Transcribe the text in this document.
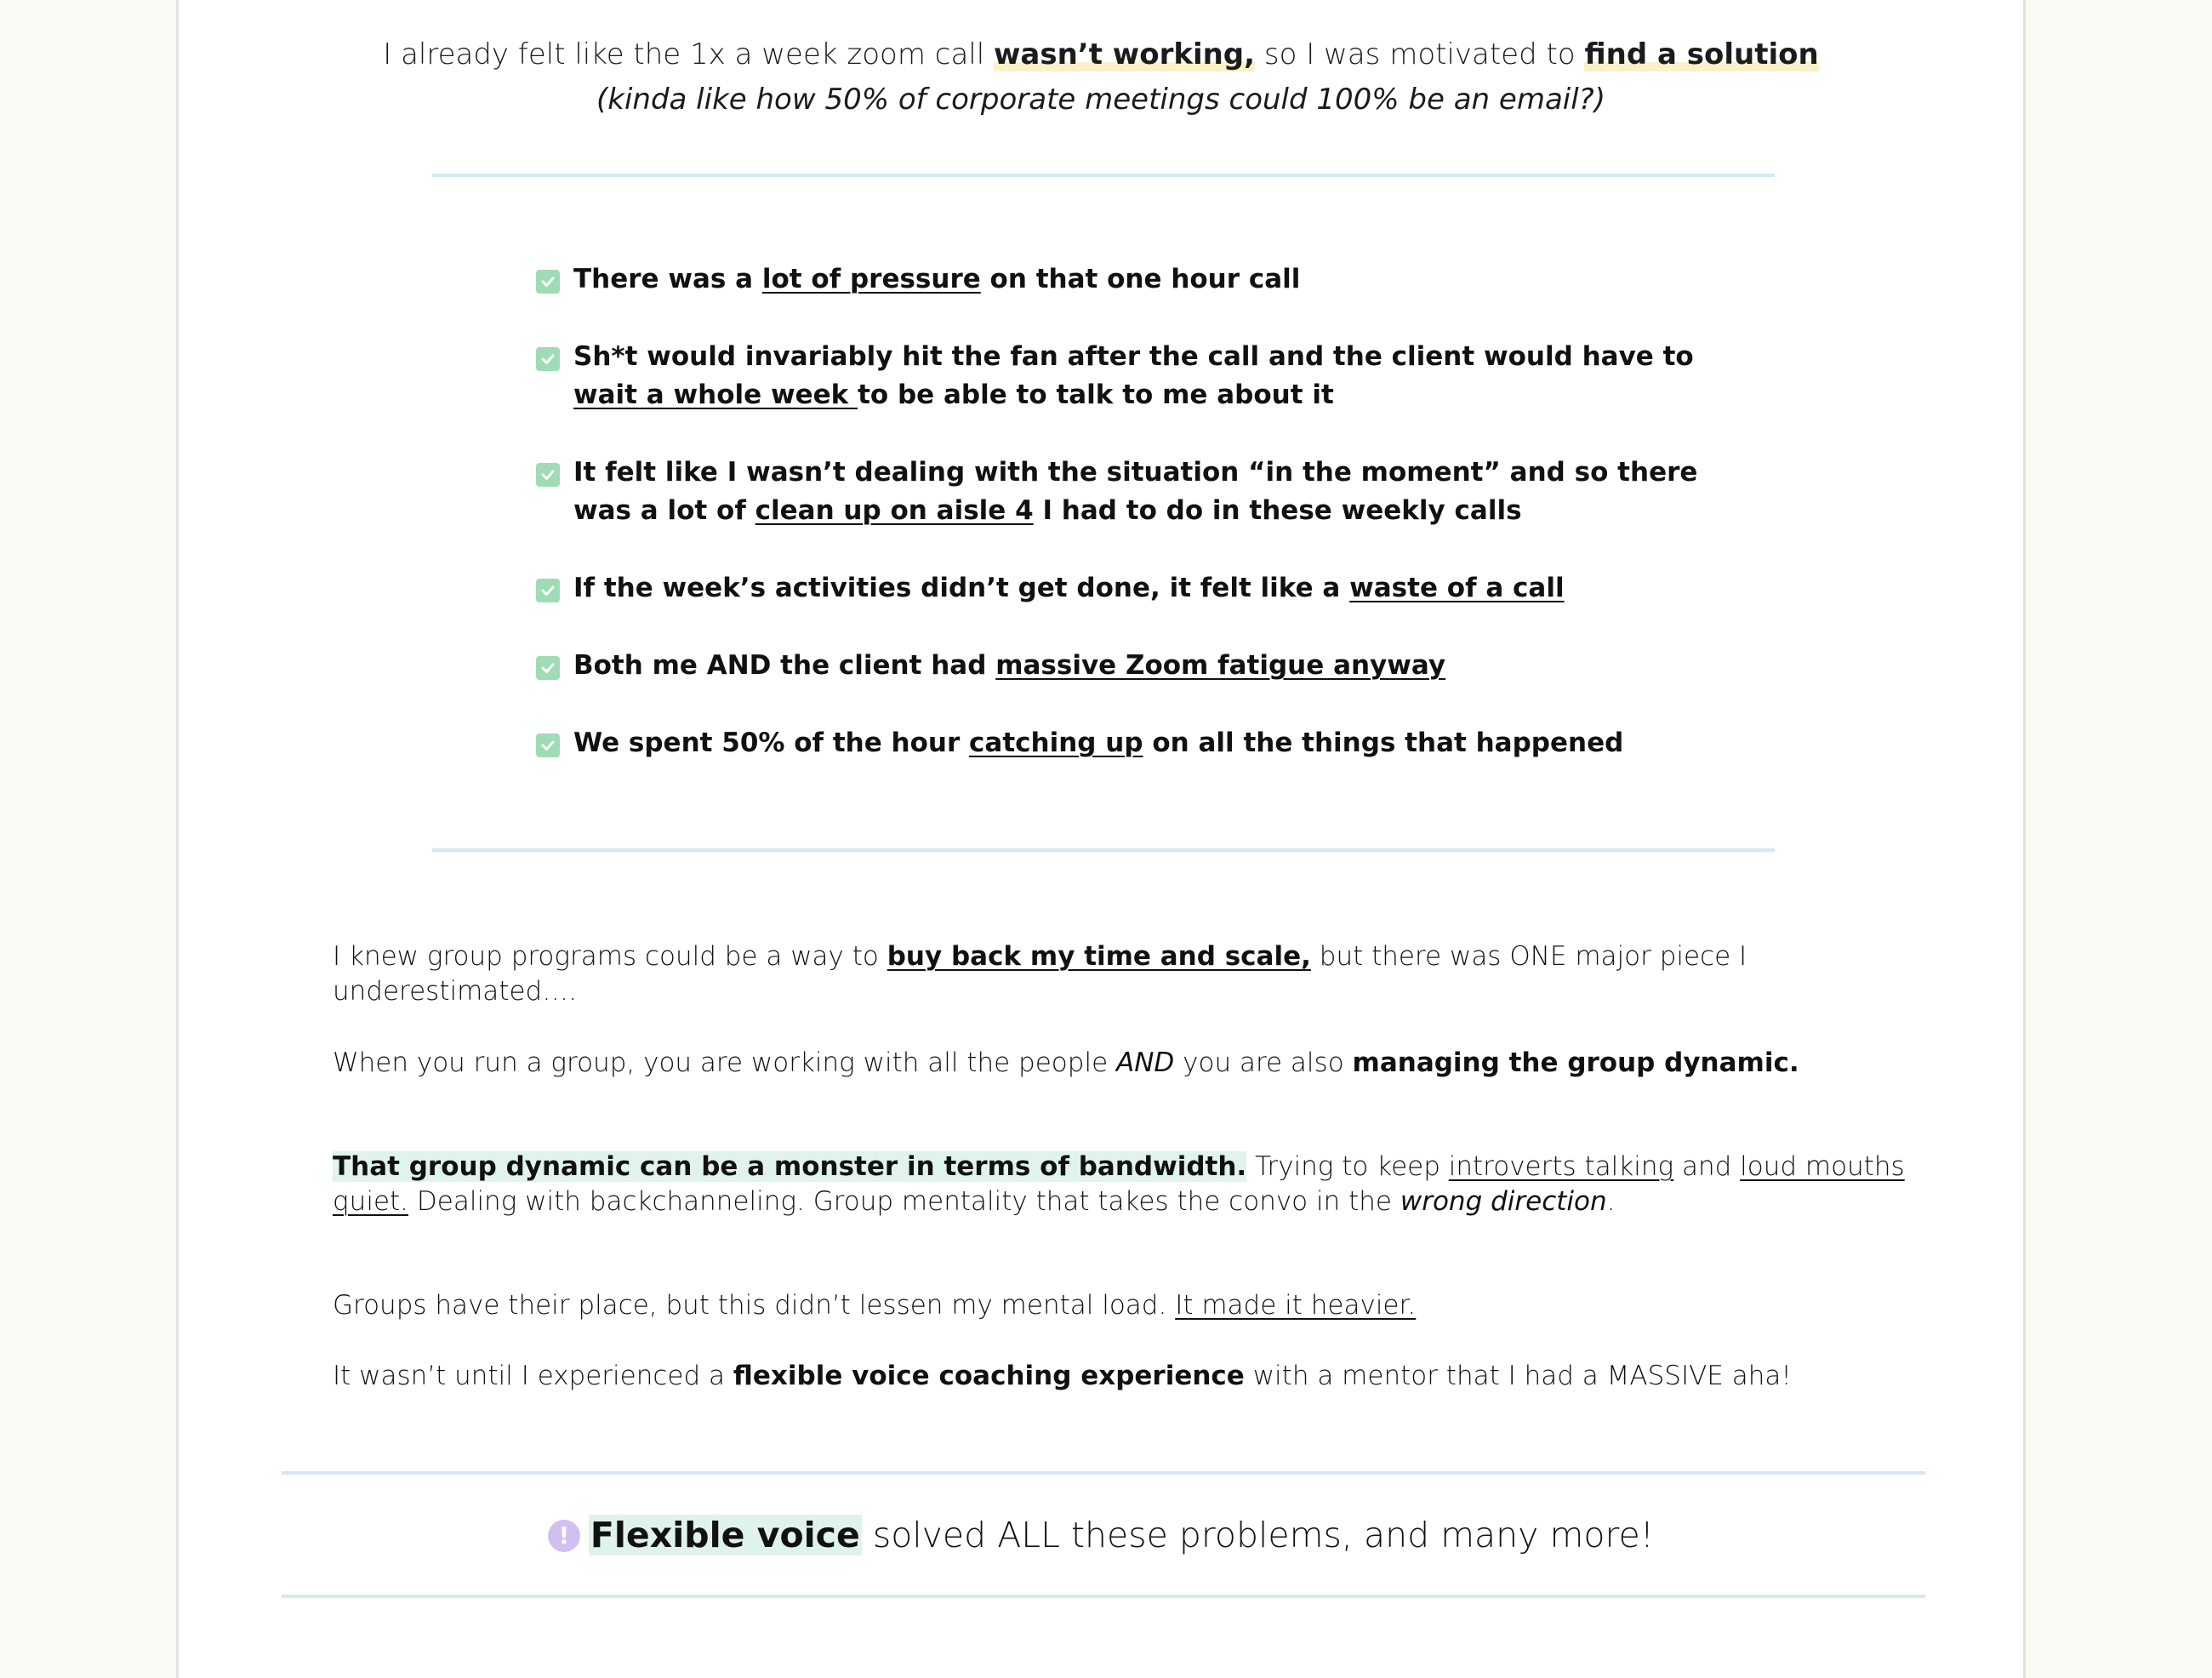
I already felt like the 1x a week zoom call wasn’t working, so I was motivated to find a solution
(kinda like how 50% of corporate meetings could 100% be an email?)

There was a lot of pressure on that one hour call
Sh*t would invariably hit the fan after the call and the client would have to wait a whole week to be able to talk to me about it
It felt like I wasn’t dealing with the situation “in the moment” and so there was a lot of clean up on aisle 4 I had to do in these weekly calls
If the week’s activities didn’t get done, it felt like a waste of a call
Both me AND the client had massive Zoom fatigue anyway
We spent 50% of the hour catching up on all the things that happened

I knew group programs could be a way to buy back my time and scale, but there was ONE major piece I underestimated….

When you run a group, you are working with all the people AND you are also managing the group dynamic.

That group dynamic can be a monster in terms of bandwidth. Trying to keep introverts talking and loud mouths quiet. Dealing with backchanneling. Group mentality that takes the convo in the wrong direction.

Groups have their place, but this didn’t lessen my mental load. It made it heavier.

It wasn’t until I experienced a flexible voice coaching experience with a mentor that I had a MASSIVE aha!

! Flexible voice solved ALL these problems, and many more!
